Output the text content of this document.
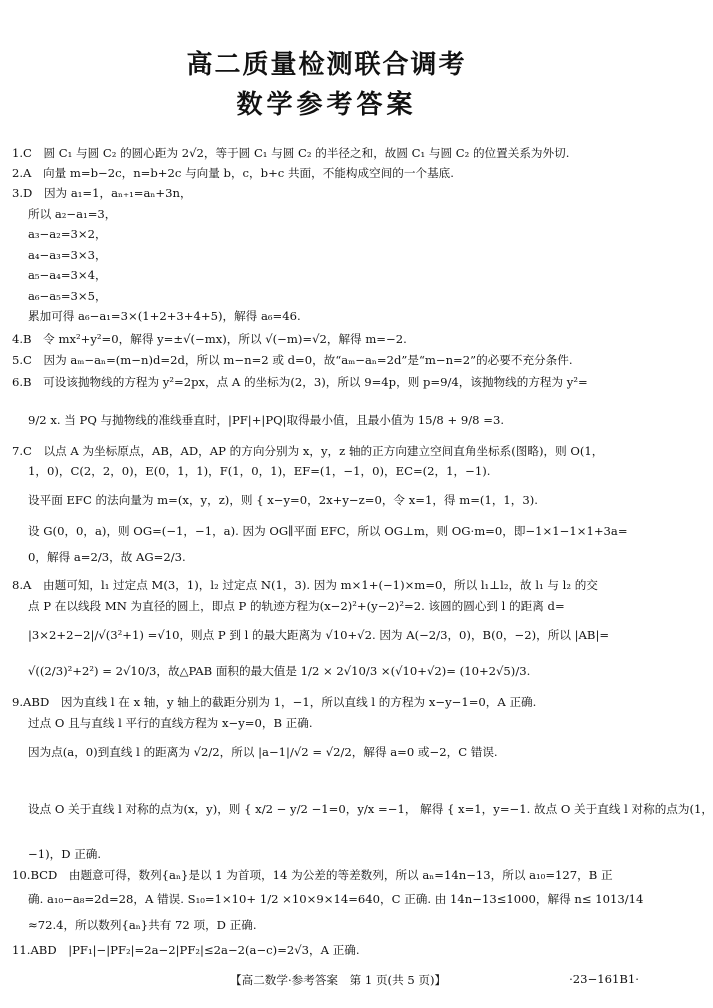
高二质量检测联合调考
数学参考答案
1.C　圆 C₁ 与圆 C₂ 的圆心距为 2√2，等于圆 C₁ 与圆 C₂ 的半径之和，故圆 C₁ 与圆 C₂ 的位置关系为外切.
2.A　向量 m=b−2c，n=b+2c 与向量 b，c，b+c 共面，不能构成空间的一个基底.
3.D　因为 a₁=1，aₙ₊₁=aₙ+3n，
所以 a₂−a₁=3，
a₃−a₂=3×2，
a₄−a₃=3×3，
a₅−a₄=3×4，
a₆−a₅=3×5，
累加可得 a₆−a₁=3×(1+2+3+4+5)，解得 a₆=46.
4.B　令 mx²+y²=0，解得 y=±√(−mx)，所以 √(−m)=√2，解得 m=−2.
5.C　因为 aₘ−aₙ=(m−n)d=2d，所以 m−n=2 或 d=0，故“aₘ−aₙ=2d”是“m−n=2”的必要不充分条件.
6.B　可设该抛物线的方程为 y²=2px，点 A 的坐标为(2，3)，所以 9=4p，则 p=9/4，该抛物线的方程为 y²=
9/2 x. 当 PQ 与抛物线的准线垂直时，|PF|+|PQ|取得最小值，且最小值为 15/8 + 9/8 =3.
7.C　以点 A 为坐标原点，AB，AD，AP 的方向分别为 x，y，z 轴的正方向建立空间直角坐标系(图略)，则 O(1，
1，0)，C(2，2，0)，E(0，1，1)，F(1，0，1)，EF=(1，−1，0)，EC=(2，1，−1).
设平面 EFC 的法向量为 m=(x，y，z)，则 { x−y=0，2x+y−z=0，令 x=1，得 m=(1，1，3).
设 G(0，0，a)，则 OG=(−1，−1，a). 因为 OG∥平面 EFC，所以 OG⊥m，则 OG·m=0，即−1×1−1×1+3a=
0，解得 a=2/3，故 AG=2/3.
8.A　由题可知，l₁ 过定点 M(3，1)，l₂ 过定点 N(1，3). 因为 m×1+(−1)×m=0，所以 l₁⊥l₂，故 l₁ 与 l₂ 的交
点 P 在以线段 MN 为直径的圆上，即点 P 的轨迹方程为(x−2)²+(y−2)²=2. 该圆的圆心到 l 的距离 d=
|3×2+2−2|/√(3²+1) =√10，则点 P 到 l 的最大距离为 √10+√2. 因为 A(−2/3，0)，B(0，−2)，所以 |AB|=
√((2/3)²+2²) = 2√10/3，故△PAB 面积的最大值是 1/2 × 2√10/3 ×(√10+√2)= (10+2√5)/3.
9.ABD　因为直线 l 在 x 轴，y 轴上的截距分别为 1，−1，所以直线 l 的方程为 x−y−1=0，A 正确.
过点 O 且与直线 l 平行的直线方程为 x−y=0，B 正确.
因为点(a，0)到直线 l 的距离为 √2/2，所以 |a−1|/√2 = √2/2，解得 a=0 或−2，C 错误.
设点 O 关于直线 l 对称的点为(x，y)，则 { x/2 − y/2 −1=0，y/x =−1， 解得 { x=1，y=−1. 故点 O 关于直线 l 对称的点为(1，
−1)，D 正确.
10.BCD　由题意可得，数列{aₙ}是以 1 为首项，14 为公差的等差数列，所以 aₙ=14n−13，所以 a₁₀=127，B 正
确. a₁₀−a₈=2d=28，A 错误. S₁₀=1×10+ 1/2 ×10×9×14=640，C 正确. 由 14n−13≤1000，解得 n≤ 1013/14
≈72.4，所以数列{aₙ}共有 72 项，D 正确.
11.ABD　|PF₁|−|PF₂|=2a−2|PF₂|≤2a−2(a−c)=2√3，A 正确.
【高二数学·参考答案　第 1 页(共 5 页)】	·23−161B1·
